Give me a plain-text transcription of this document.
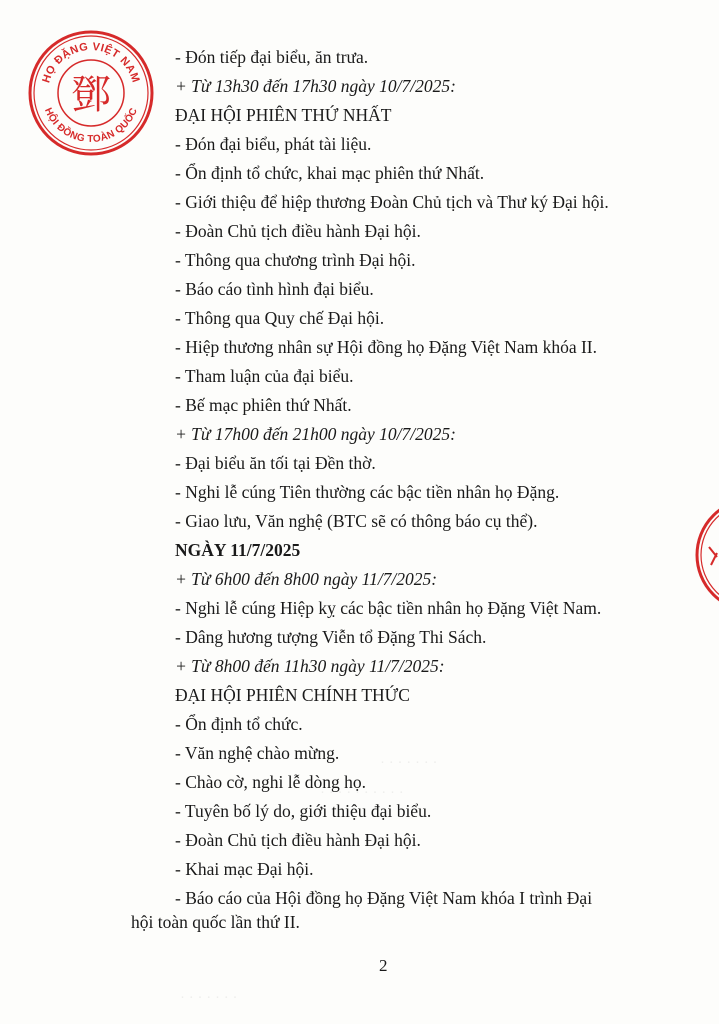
· · · · · · ·
· · · · · · · · · ·
· · · · · · ·
HỌ ĐẶNG VIỆT NAM
HỘI ĐỒNG TOÀN QUỐC
鄧
- Đón tiếp đại biểu, ăn trưa.
+ Từ 13h30 đến 17h30 ngày 10/7/2025:
ĐẠI HỘI PHIÊN THỨ NHẤT
- Đón đại biểu, phát tài liệu.
- Ổn định tổ chức, khai mạc phiên thứ Nhất.
- Giới thiệu để hiệp thương Đoàn Chủ tịch và Thư ký Đại hội.
- Đoàn Chủ tịch điều hành Đại hội.
- Thông qua chương trình Đại hội.
- Báo cáo tình hình đại biểu.
- Thông qua Quy chế Đại hội.
- Hiệp thương nhân sự Hội đồng họ Đặng Việt Nam khóa II.
- Tham luận của đại biểu.
- Bế mạc phiên thứ Nhất.
+ Từ 17h00 đến 21h00 ngày 10/7/2025:
- Đại biểu ăn tối tại Đền thờ.
- Nghi lễ cúng Tiên thường các bậc tiền nhân họ Đặng.
- Giao lưu, Văn nghệ (BTC sẽ có thông báo cụ thể).
NGÀY 11/7/2025
+ Từ 6h00 đến 8h00 ngày 11/7/2025:
- Nghi lễ cúng Hiệp kỵ các bậc tiền nhân họ Đặng Việt Nam.
- Dâng hương tượng Viễn tổ Đặng Thi Sách.
+ Từ 8h00 đến 11h30 ngày 11/7/2025:
ĐẠI HỘI PHIÊN CHÍNH THỨC
- Ổn định tổ chức.
- Văn nghệ chào mừng.
- Chào cờ, nghi lễ dòng họ.
- Tuyên bố lý do, giới thiệu đại biểu.
- Đoàn Chủ tịch điều hành Đại hội.
- Khai mạc Đại hội.
- Báo cáo của Hội đồng họ Đặng Việt Nam khóa I trình Đại
hội toàn quốc lần thứ II.
2
